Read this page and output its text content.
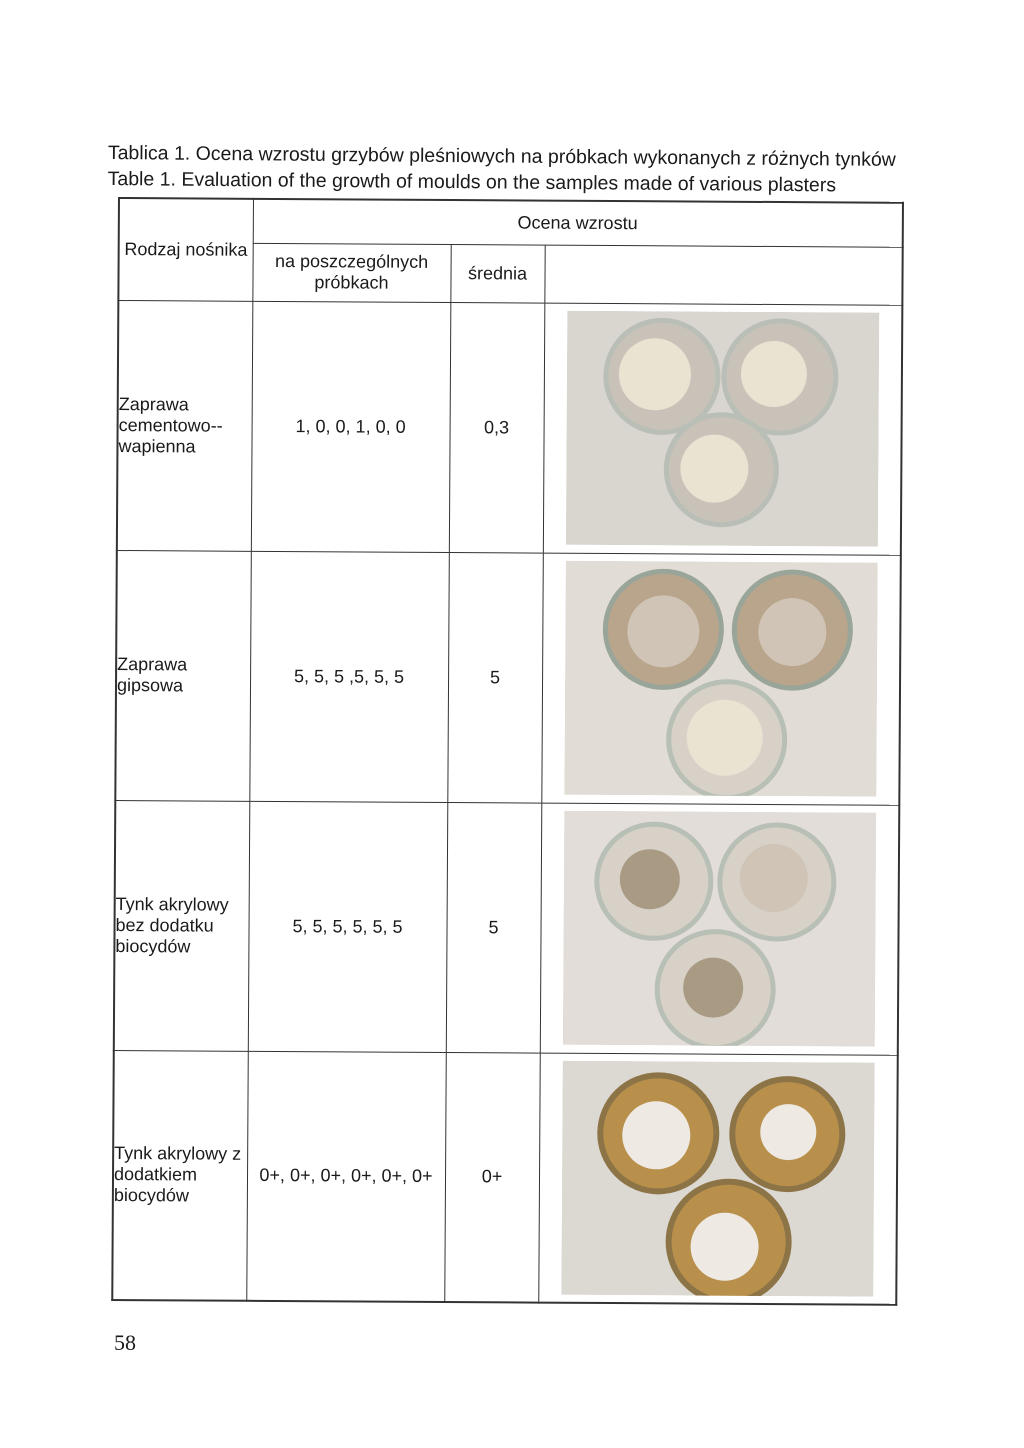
Tablica 1. Ocena wzrostu grzybów pleśniowych na próbkach wykonanych z różnych tynków
Table 1. Evaluation of the growth of moulds on the samples made of various plasters
Rodzaj nośnika	Ocena wzrostu		
	na poszczególnych próbkach	średnia	
Zaprawa cementowo--wapienna	1, 0, 0, 1, 0, 0	0,3	

Zaprawa gipsowa	5, 5, 5 ,5, 5, 5	5	

Tynk akrylowy bez dodatku biocydów	5, 5, 5, 5, 5, 5	5	

Tynk akrylowy z dodatkiem biocydów	0+, 0+, 0+, 0+, 0+, 0+	0+	
58
